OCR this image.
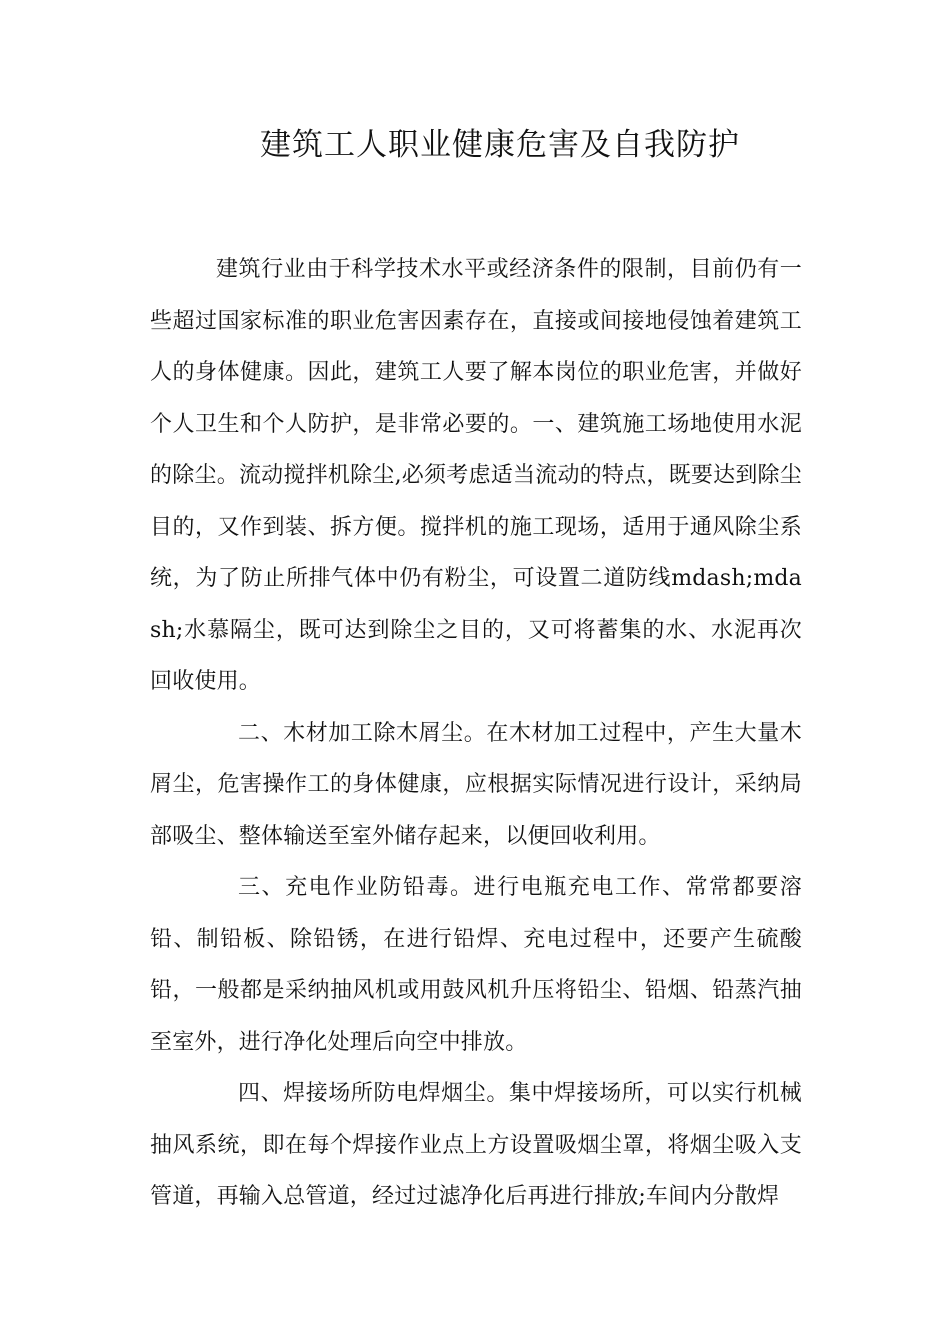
建筑工人职业健康危害及自我防护

建筑行业由于科学技术水平或经济条件的限制，目前仍有一些超过国家标准的职业危害因素存在，直接或间接地侵蚀着建筑工人的身体健康。因此，建筑工人要了解本岗位的职业危害，并做好个人卫生和个人防护，是非常必要的。一、建筑施工场地使用水泥的除尘。流动搅拌机除尘,必须考虑适当流动的特点，既要达到除尘目的，又作到装、拆方便。搅拌机的施工现场，适用于通风除尘系统，为了防止所排气体中仍有粉尘，可设置二道防线mdash;mdash;水慕隔尘，既可达到除尘之目的，又可将蓄集的水、水泥再次回收使用。

二、木材加工除木屑尘。在木材加工过程中，产生大量木屑尘，危害操作工的身体健康，应根据实际情况进行设计，采纳局部吸尘、整体输送至室外储存起来，以便回收利用。

三、充电作业防铅毒。进行电瓶充电工作、常常都要溶铅、制铅板、除铅锈，在进行铅焊、充电过程中，还要产生硫酸铅，一般都是采纳抽风机或用鼓风机升压将铅尘、铅烟、铅蒸汽抽至室外，进行净化处理后向空中排放。

四、焊接场所防电焊烟尘。集中焊接场所，可以实行机械抽风系统，即在每个焊接作业点上方设置吸烟尘罩，将烟尘吸入支管道，再输入总管道，经过过滤净化后再进行排放;车间内分散焊
